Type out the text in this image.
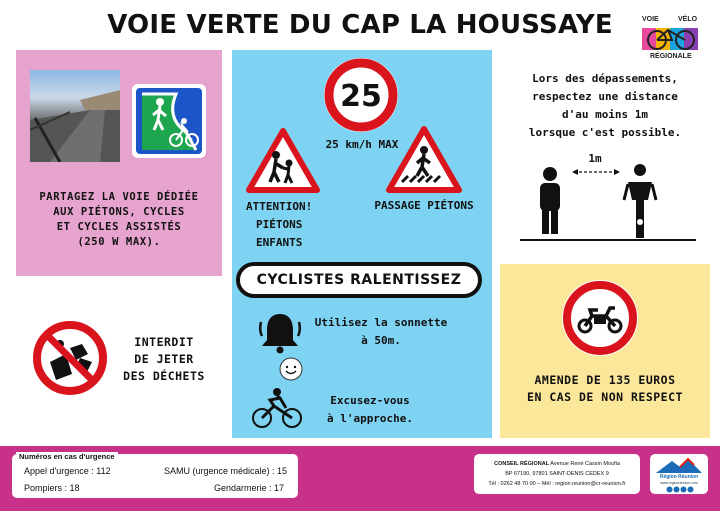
VOIE VERTE DU CAP LA HOUSSAYE	VOIE	VÉLO
RÉGIONALE
PARTAGEZ LA VOIE DÉDIÉE
AUX PIÉTONS, CYCLES
ET CYCLES ASSISTÉS
(250 W MAX).
25
25 km/h MAX
ATTENTION!
PIÉTONS
ENFANTS
PASSAGE PIÉTONS
CYCLISTES RALENTISSEZ
Utilisez la sonnette
à 50m.
Excusez-vous
à l'approche.
Lors des dépassements,
respectez une distance
d'au moins 1m
lorsque c'est possible.
1m
INTERDIT
DE JETER
DES DÉCHETS	AMENDE DE 135 EUROS
EN CAS DE NON RESPECT
Numéros en cas d'urgence
Appel d'urgence : 112	SAMU (urgence médicale) : 15
Pompiers : 18	Gendarmerie : 17
CONSEIL RÉGIONAL Avenue René Cassin Moufia
BP 67190, 97801 SAINT-DENIS CEDEX 9
Tél : 0262 48 70 00 – Mél : region.reunion@cr-reunion.fr
Région Réunion
www.regionreunion.com
